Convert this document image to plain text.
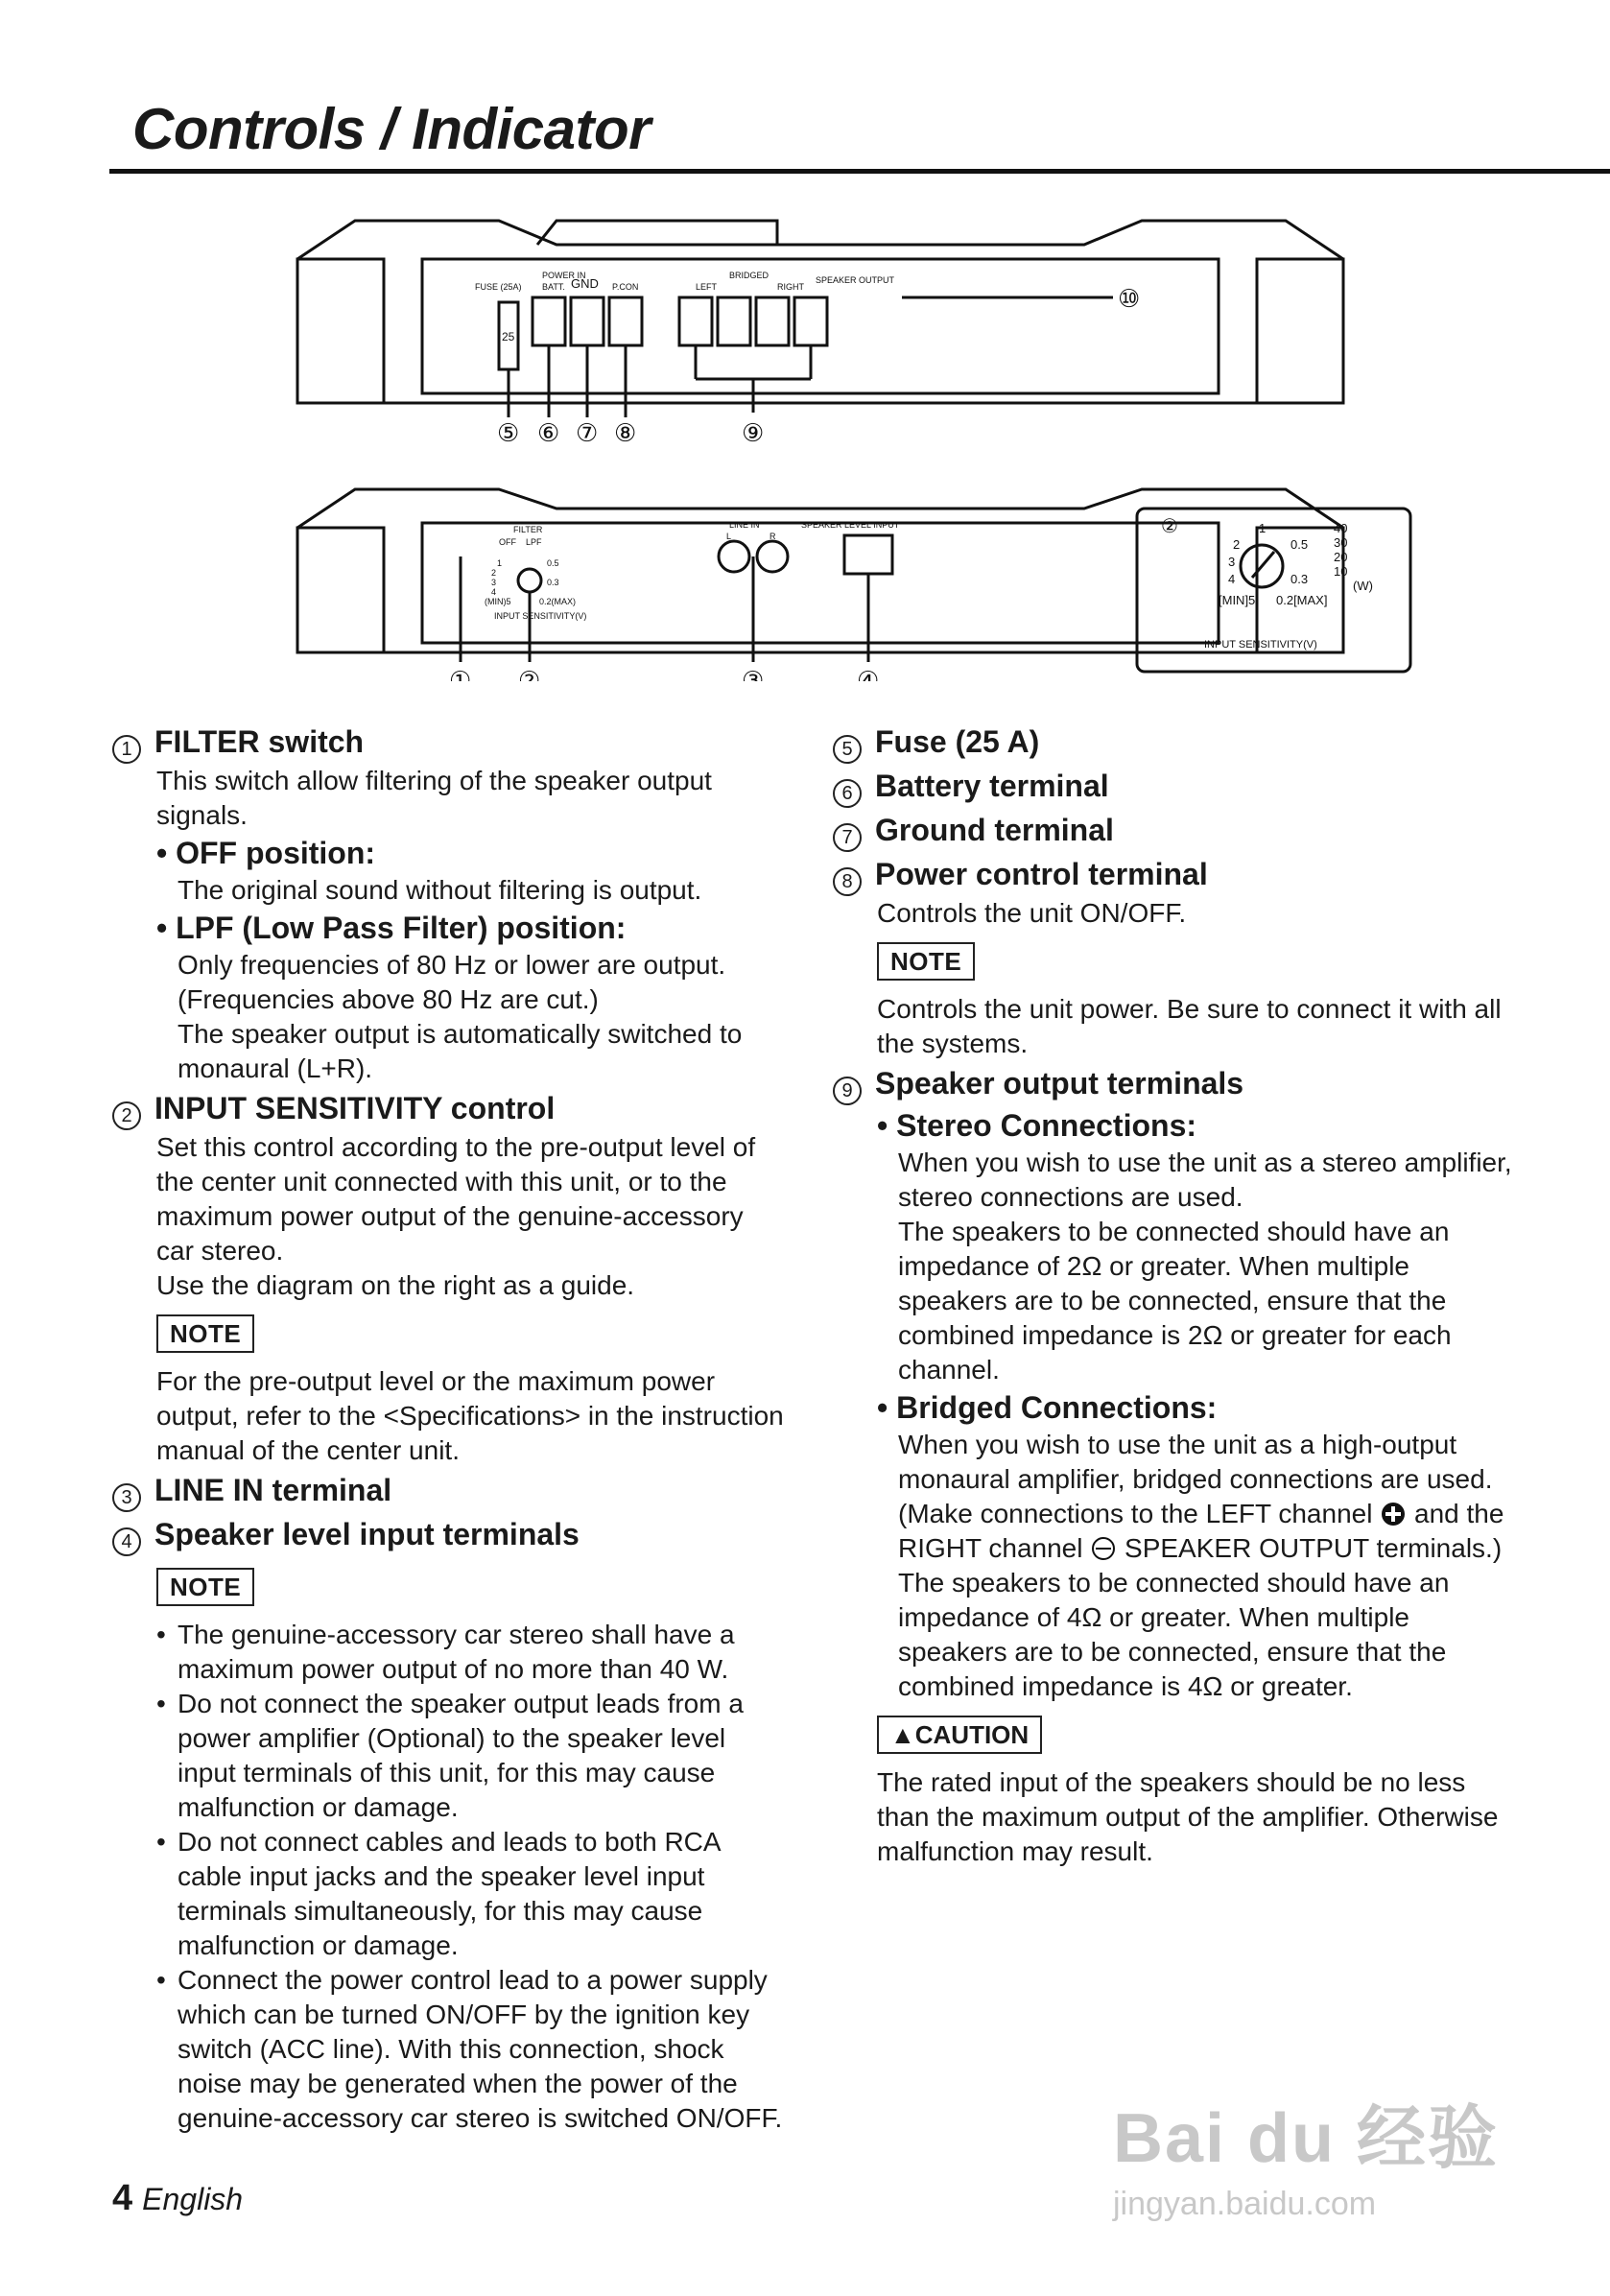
Controls / Indicator
FUSE (25A)
POWER IN
BATT. GND P.CON
BRIDGED
LEFT	RIGHT
SPEAKER OUTPUT
25
FILTER
OFF LPF
LINE IN
L	R
SPEAKER LEVEL INPUT
INPUT SENSITIVITY(V)
1
2
3
4
(MIN)5
0.5
0.3
0.2(MAX)
②	1
2
3
4
[MIN]5
0.5
0.3
0.2[MAX]
40
30
20
10
(W)
INPUT SENSITIVITY(V)
⑤ ⑥ ⑦ ⑧	⑨
⑩
① ②	③	④
1 FILTER switch

This switch allow filtering of the speaker output signals.

• OFF position:

The original sound without filtering is output.

• LPF (Low Pass Filter) position:

Only frequencies of 80 Hz or lower are output.

(Frequencies above 80 Hz are cut.)

The speaker output is automatically switched to monaural (L+R).

2 INPUT SENSITIVITY control

Set this control according to the pre-output level of the center unit connected with this unit, or to the maximum power output of the genuine-accessory car stereo.

Use the diagram on the right as a guide.

NOTE

For the pre-output level or the maximum power output, refer to the <Specifications> in the instruction manual of the center unit.

3 LINE IN terminal
4 Speaker level input terminals
NOTE
• The genuine-accessory car stereo shall have a maximum power output of no more than 40 W.
• Do not connect the speaker output leads from a power amplifier (Optional) to the speaker level input terminals of this unit, for this may cause malfunction or damage.
• Do not connect cables and leads to both RCA cable input jacks and the speaker level input terminals simultaneously, for this may cause malfunction or damage.
• Connect the power control lead to a power supply which can be turned ON/OFF by the ignition key switch (ACC line). With this connection, shock noise may be generated when the power of the genuine-accessory car stereo is switched ON/OFF.
5 Fuse (25 A)
6 Battery terminal
7 Ground terminal
8 Power control terminal

Controls the unit ON/OFF.

NOTE

Controls the unit power. Be sure to connect it with all the systems.

9 Speaker output terminals
• Stereo Connections:

When you wish to use the unit as a stereo amplifier, stereo connections are used.

The speakers to be connected should have an impedance of 2Ω or greater. When multiple speakers are to be connected, ensure that the combined impedance is 2Ω or greater for each channel.

• Bridged Connections:

When you wish to use the unit as a high-output monaural amplifier, bridged connections are used. (Make connections to the LEFT channel and the RIGHT channel SPEAKER OUTPUT terminals.)

The speakers to be connected should have an impedance of 4Ω or greater. When multiple speakers are to be connected, ensure that the combined impedance is 4Ω or greater.

▲CAUTION

The rated input of the speakers should be no less than the maximum output of the amplifier. Otherwise malfunction may result.

4 English
Bai du 经验
jingyan.baidu.com
